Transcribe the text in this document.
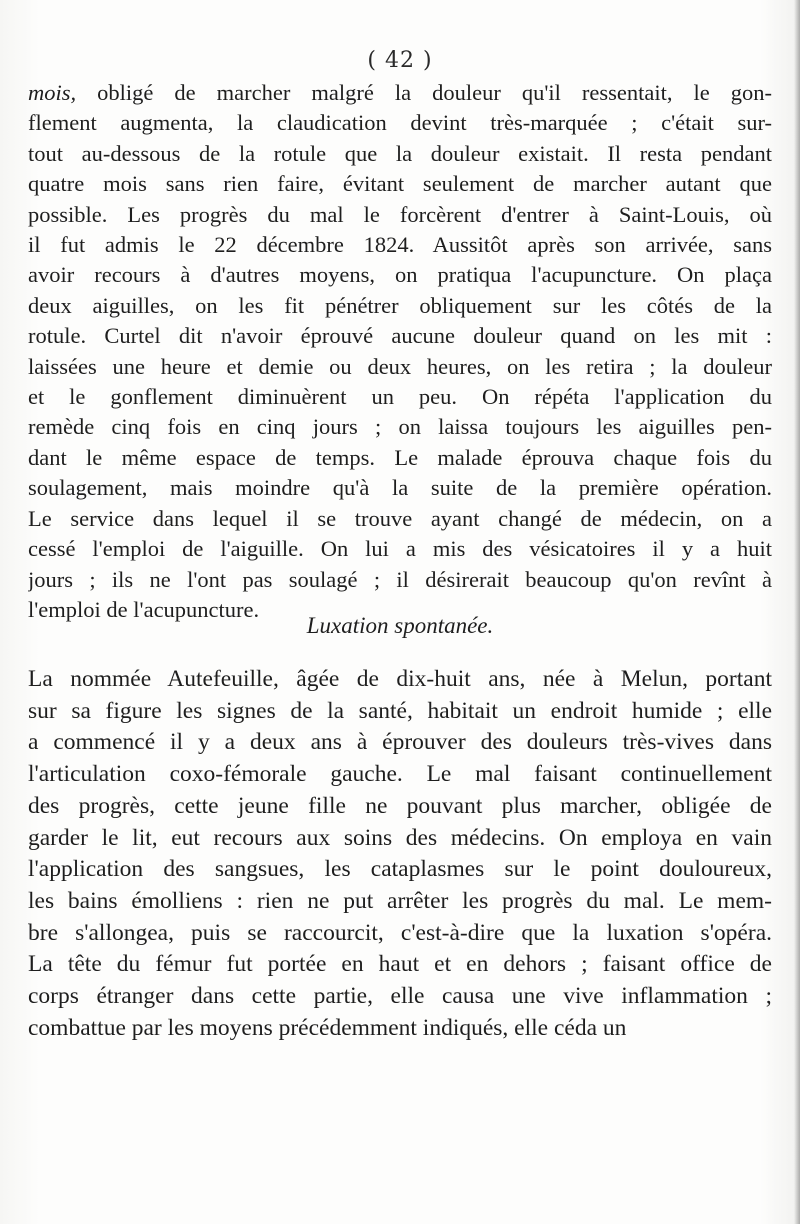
( 42 )
mois, obligé de marcher malgré la douleur qu'il ressentait, le gon-
flement augmenta, la claudication devint très-marquée ; c'était sur-
tout au-dessous de la rotule que la douleur existait. Il resta pendant
quatre mois sans rien faire, évitant seulement de marcher autant que
possible. Les progrès du mal le forcèrent d'entrer à Saint-Louis, où
il fut admis le 22 décembre 1824. Aussitôt après son arrivée, sans
avoir recours à d'autres moyens, on pratiqua l'acupuncture. On plaça
deux aiguilles, on les fit pénétrer obliquement sur les côtés de la
rotule. Curtel dit n'avoir éprouvé aucune douleur quand on les mit :
laissées une heure et demie ou deux heures, on les retira ; la douleur
et le gonflement diminuèrent un peu. On répéta l'application du
remède cinq fois en cinq jours ; on laissa toujours les aiguilles pen-
dant le même espace de temps. Le malade éprouva chaque fois du
soulagement, mais moindre qu'à la suite de la première opération.
Le service dans lequel il se trouve ayant changé de médecin, on a
cessé l'emploi de l'aiguille. On lui a mis des vésicatoires il y a huit
jours ; ils ne l'ont pas soulagé ; il désirerait beaucoup qu'on revînt à
l'emploi de l'acupuncture.
Luxation spontanée.
La nommée Autefeuille, âgée de dix-huit ans, née à Melun, portant
sur sa figure les signes de la santé, habitait un endroit humide ; elle
a commencé il y a deux ans à éprouver des douleurs très-vives dans
l'articulation coxo-fémorale gauche. Le mal faisant continuellement
des progrès, cette jeune fille ne pouvant plus marcher, obligée de
garder le lit, eut recours aux soins des médecins. On employa en vain
l'application des sangsues, les cataplasmes sur le point douloureux,
les bains émolliens : rien ne put arrêter les progrès du mal. Le mem-
bre s'allongea, puis se raccourcit, c'est-à-dire que la luxation s'opéra.
La tête du fémur fut portée en haut et en dehors ; faisant office de
corps étranger dans cette partie, elle causa une vive inflammation ;
combattue par les moyens précédemment indiqués, elle céda un
